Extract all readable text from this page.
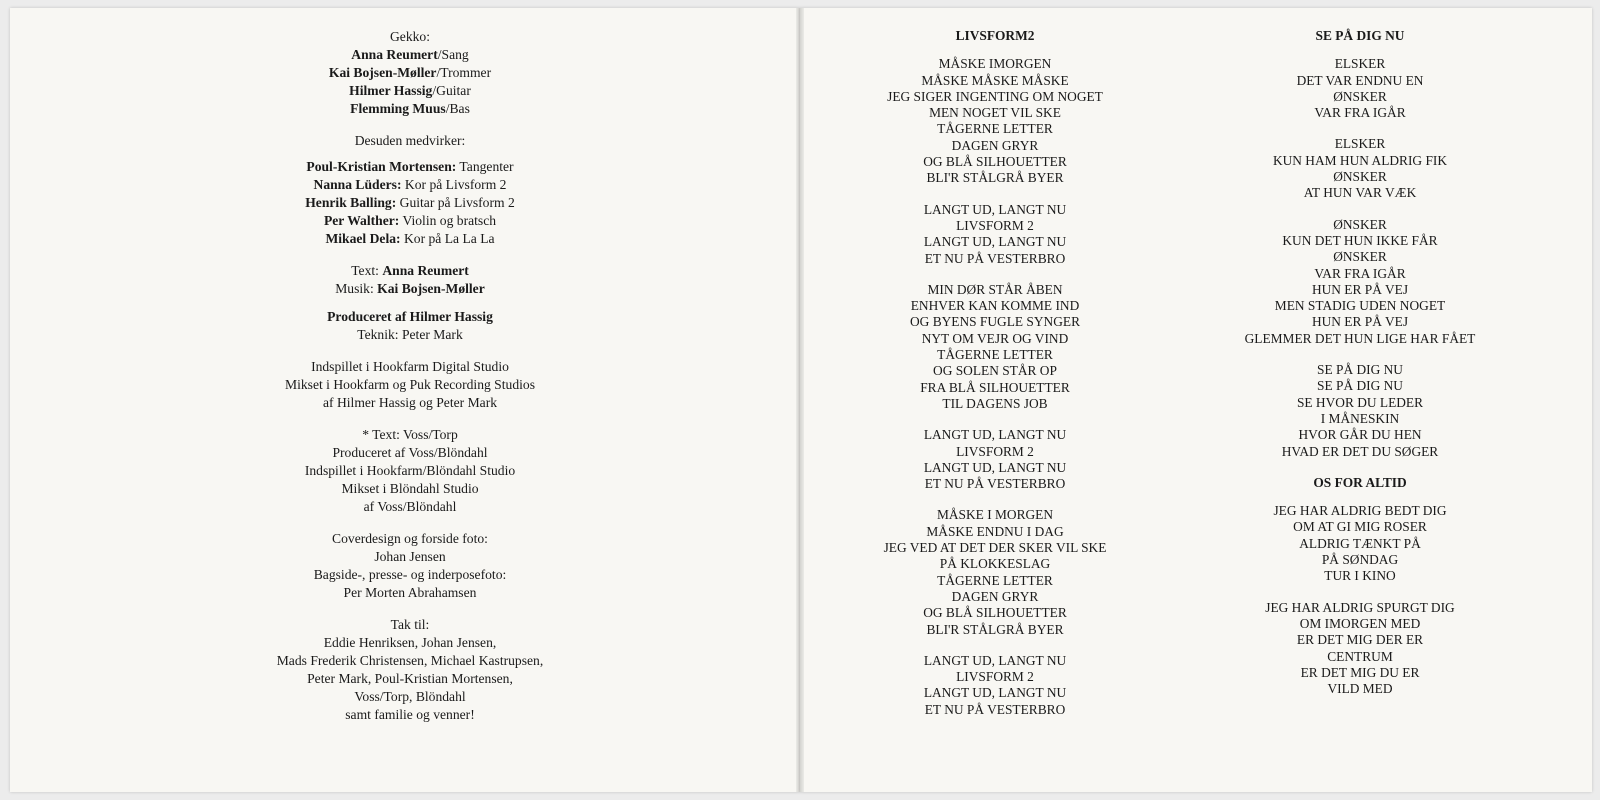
Gekko:
Anna Reumert/Sang
Kai Bojsen-Møller/Trommer
Hilmer Hassig/Guitar
Flemming Muus/Bas
Desuden medvirker:
Poul-Kristian Mortensen: Tangenter
Nanna Lüders: Kor på Livsform 2
Henrik Balling: Guitar på Livsform 2
Per Walther: Violin og bratsch
Mikael Dela: Kor på La La La
Text: Anna Reumert
Musik: Kai Bojsen-Møller
Produceret af Hilmer Hassig
Teknik: Peter Mark
Indspillet i Hookfarm Digital Studio
Mikset i Hookfarm og Puk Recording Studios
af Hilmer Hassig og Peter Mark
* Text: Voss/Torp
Produceret af Voss/Blöndahl
Indspillet i Hookfarm/Blöndahl Studio
Mikset i Blöndahl Studio
af Voss/Blöndahl
Coverdesign og forside foto:
Johan Jensen
Bagside-, presse- og inderposefoto:
Per Morten Abrahamsen
Tak til:
Eddie Henriksen, Johan Jensen,
Mads Frederik Christensen, Michael Kastrupsen,
Peter Mark, Poul-Kristian Mortensen,
Voss/Torp, Blöndahl
samt familie og venner!
LIVSFORM2
MÅSKE IMORGEN
MÅSKE MÅSKE MÅSKE
JEG SIGER INGENTING OM NOGET
MEN NOGET VIL SKE
TÅGERNE LETTER
DAGEN GRYR
OG BLÅ SILHOUETTER
BLI'R STÅLGRÅ BYER
LANGT UD, LANGT NU
LIVSFORM 2
LANGT UD, LANGT NU
ET NU PÅ VESTERBRO
MIN DØR STÅR ÅBEN
ENHVER KAN KOMME IND
OG BYENS FUGLE SYNGER
NYT OM VEJR OG VIND
TÅGERNE LETTER
OG SOLEN STÅR OP
FRA BLÅ SILHOUETTER
TIL DAGENS JOB
LANGT UD, LANGT NU
LIVSFORM 2
LANGT UD, LANGT NU
ET NU PÅ VESTERBRO
MÅSKE I MORGEN
MÅSKE ENDNU I DAG
JEG VED AT DET DER SKER VIL SKE
PÅ KLOKKESLAG
TÅGERNE LETTER
DAGEN GRYR
OG BLÅ SILHOUETTER
BLI'R STÅLGRÅ BYER
LANGT UD, LANGT NU
LIVSFORM 2
LANGT UD, LANGT NU
ET NU PÅ VESTERBRO
SE PÅ DIG NU
ELSKER
DET VAR ENDNU EN
ØNSKER
VAR FRA IGÅR
ELSKER
KUN HAM HUN ALDRIG FIK
ØNSKER
AT HUN VAR VÆK
ØNSKER
KUN DET HUN IKKE FÅR
ØNSKER
VAR FRA IGÅR
HUN ER PÅ VEJ
MEN STADIG UDEN NOGET
HUN ER PÅ VEJ
GLEMMER DET HUN LIGE HAR FÅET
SE PÅ DIG NU
SE PÅ DIG NU
SE HVOR DU LEDER
I MÅNESKIN
HVOR GÅR DU HEN
HVAD ER DET DU SØGER
OS FOR ALTID
JEG HAR ALDRIG BEDT DIG
OM AT GI MIG ROSER
ALDRIG TÆNKT PÅ
PÅ SØNDAG
TUR I KINO
JEG HAR ALDRIG SPURGT DIG
OM IMORGEN MED
ER DET MIG DER ER
CENTRUM
ER DET MIG DU ER
VILD MED
